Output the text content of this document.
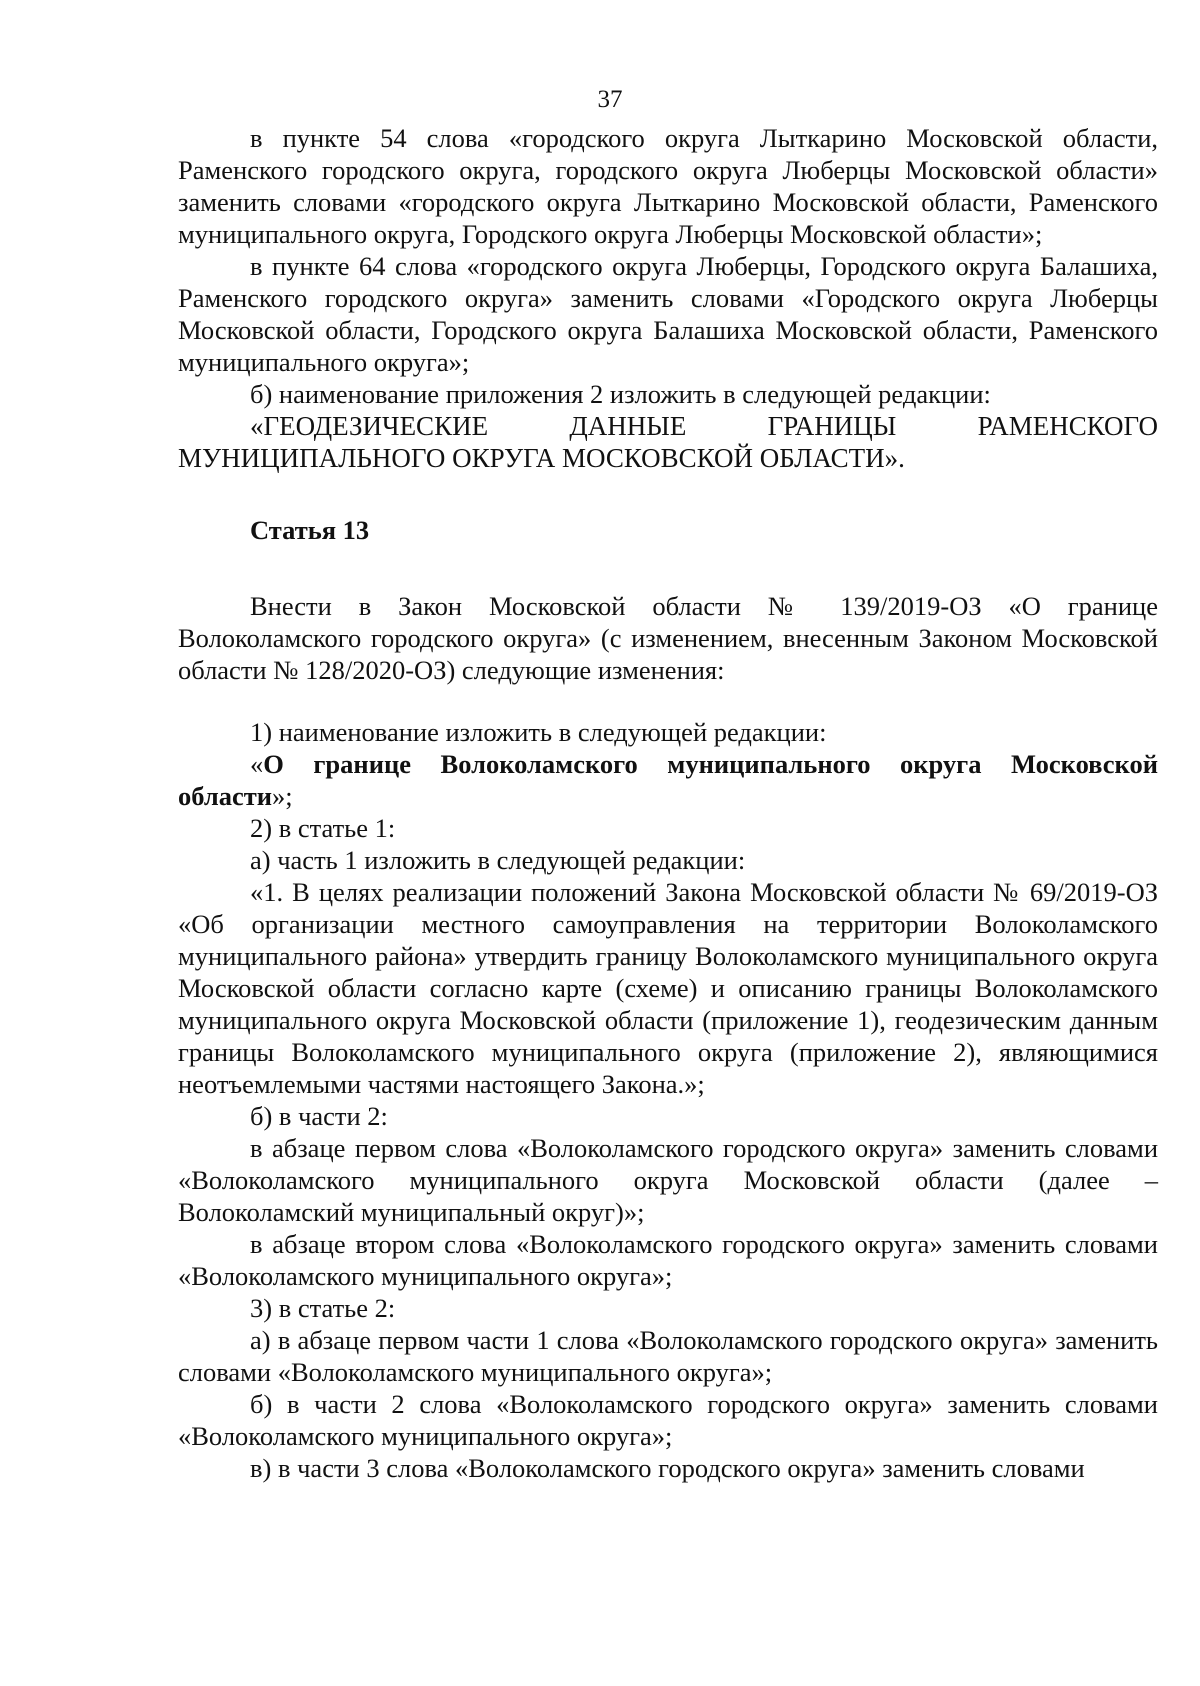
37

в пункте 54 слова «городского округа Лыткарино Московской области, Раменского городского округа, городского округа Люберцы Московской области» заменить словами «городского округа Лыткарино Московской области, Раменского муниципального округа, Городского округа Люберцы Московской области»;

в пункте 64 слова «городского округа Люберцы, Городского округа Балашиха, Раменского городского округа» заменить словами «Городского округа Люберцы Московской области, Городского округа Балашиха Московской области, Раменского муниципального округа»;

б) наименование приложения 2 изложить в следующей редакции:

«ГЕОДЕЗИЧЕСКИЕ ДАННЫЕ ГРАНИЦЫ РАМЕНСКОГО МУНИЦИПАЛЬНОГО ОКРУГА МОСКОВСКОЙ ОБЛАСТИ».

Статья 13

Внести в Закон Московской области № 139/2019-ОЗ «О границе Волоколамского городского округа» (с изменением, внесенным Законом Московской области № 128/2020-ОЗ) следующие изменения:

1) наименование изложить в следующей редакции:

«О границе Волоколамского муниципального округа Московской области»;

2) в статье 1:

а) часть 1 изложить в следующей редакции:

«1. В целях реализации положений Закона Московской области № 69/2019-ОЗ «Об организации местного самоуправления на территории Волоколамского муниципального района» утвердить границу Волоколамского муниципального округа Московской области согласно карте (схеме) и описанию границы Волоколамского муниципального округа Московской области (приложение 1), геодезическим данным границы Волоколамского муниципального округа (приложение 2), являющимися неотъемлемыми частями настоящего Закона.»;

б) в части 2:

в абзаце первом слова «Волоколамского городского округа» заменить словами «Волоколамского муниципального округа Московской области (далее – Волоколамский муниципальный округ)»;

в абзаце втором слова «Волоколамского городского округа» заменить словами «Волоколамского муниципального округа»;

3) в статье 2:

а) в абзаце первом части 1 слова «Волоколамского городского округа» заменить словами «Волоколамского муниципального округа»;

б) в части 2 слова «Волоколамского городского округа» заменить словами «Волоколамского муниципального округа»;

в) в части 3 слова «Волоколамского городского округа» заменить словами
